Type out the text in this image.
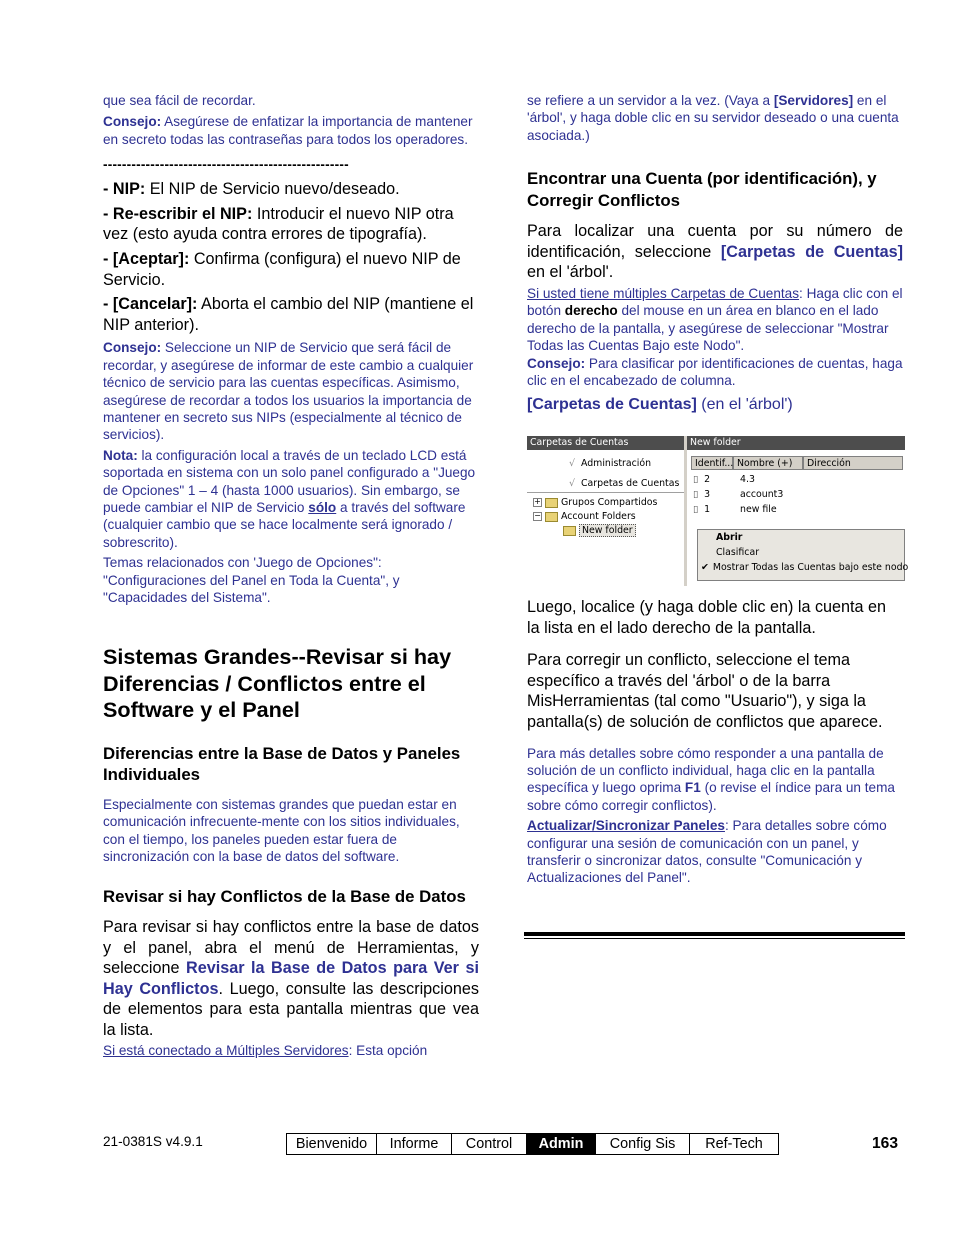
que sea fácil de recordar.

Consejo: Asegúrese de enfatizar la importancia de mantener en secreto todas las contraseñas para todos los operadores.

----------------------------------------------------

- NIP: El NIP de Servicio nuevo/deseado.

- Re-escribir el NIP: Introducir el nuevo NIP otra vez (esto ayuda contra errores de tipografía).

- [Aceptar]: Confirma (configura) el nuevo NIP de Servicio.

- [Cancelar]: Aborta el cambio del NIP (mantiene el NIP anterior).

Consejo: Seleccione un NIP de Servicio que será fácil de recordar, y asegúrese de informar de este cambio a cualquier técnico de servicio para las cuentas específicas. Asimismo, asegúrese de recordar a todos los usuarios la importancia de mantener en secreto sus NIPs (especialmente al técnico de servicios).

Nota: la configuración local a través de un teclado LCD está soportada en sistema con un solo panel configurado a "Juego de Opciones" 1 – 4 (hasta 1000 usuarios). Sin embargo, se puede cambiar el NIP de Servicio sólo a través del software (cualquier cambio que se hace localmente será ignorado / sobrescrito).

Temas relacionados con 'Juego de Opciones": "Configuraciones del Panel en Toda la Cuenta", y "Capacidades del Sistema".

Sistemas Grandes--Revisar si hay Diferencias / Conflictos entre el Software y el Panel

Diferencias entre la Base de Datos y Paneles Individuales

Especialmente con sistemas grandes que puedan estar en comunicación infrecuente-mente con los sitios individuales, con el tiempo, los paneles pueden estar fuera de sincronización con la base de datos del software.

Revisar si hay Conflictos de la Base de Datos

Para revisar si hay conflictos entre la base de datos y el panel, abra el menú de Herramientas, y seleccione Revisar la Base de Datos para Ver si Hay Conflictos. Luego, consulte las descripciones de elementos para esta pantalla mientras que vea la lista.

Si está conectado a Múltiples Servidores: Esta opción

se refiere a un servidor a la vez. (Vaya a [Servidores] en el 'árbol', y haga doble clic en su servidor deseado o una cuenta asociada.)

Encontrar una Cuenta (por identificación), y Corregir Conflictos

Para localizar una cuenta por su número de identificación, seleccione [Carpetas de Cuentas] en el 'árbol'.

Si usted tiene múltiples Carpetas de Cuentas: Haga clic con el botón derecho del mouse en un área en blanco en el lado derecho de la pantalla, y asegúrese de seleccionar "Mostrar Todas las Cuentas Bajo este Nodo".

Consejo: Para clasificar por identificaciones de cuentas, haga clic en el encabezado de columna.

[Carpetas de Cuentas] (en el 'árbol')

Carpetas de Cuentas
√ Administración
√ Carpetas de Cuentas
+ Grupos Compartidos
− Account Folders
New folder
New folder
Identif... Nombre (+)	Dirección
▯ 2	4.3
▯ 3	account3
▯ 1	new file
Abrir
Clasificar
✔ Mostrar Todas las Cuentas bajo este nodo

Luego, localice (y haga doble clic en) la cuenta en la lista en el lado derecho de la pantalla.

Para corregir un conflicto, seleccione el tema específico a través del 'árbol' o de la barra MisHerramientas (tal como "Usuario"), y siga la pantalla(s) de solución de conflictos que aparece.

Para más detalles sobre cómo responder a una pantalla de solución de un conflicto individual, haga clic en la pantalla específica y luego oprima F1 (o revise el índice para un tema sobre cómo corregir conflictos).

Actualizar/Sincronizar Paneles: Para detalles sobre cómo configurar una sesión de comunicación con un panel, y transferir o sincronizar datos, consulte "Comunicación y Actualizaciones del Panel".

21-0381S v4.9.1	Bienvenido	Informe	Control	Admin	Config Sis	Ref-Tech	163
